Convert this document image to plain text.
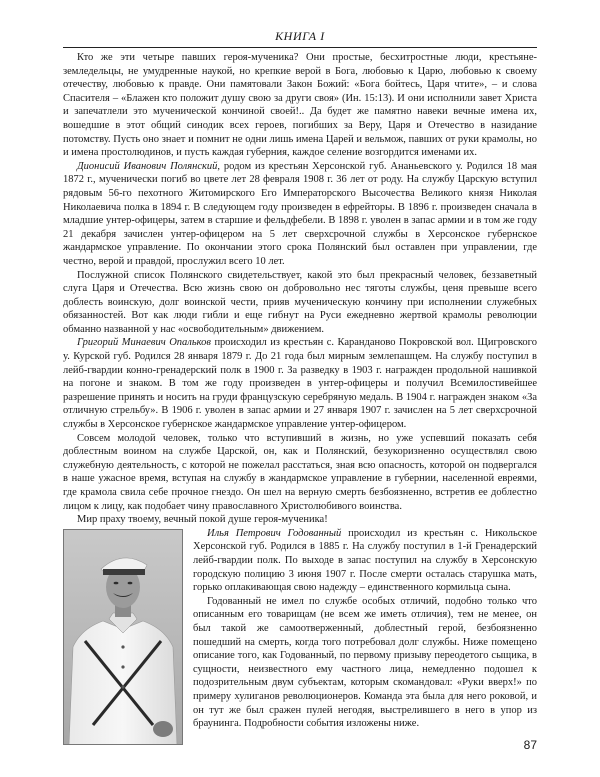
КНИГА I

Кто же эти четыре павших героя-мученика? Они простые, бесхитростные люди, крестьяне-земледельцы, не умудренные наукой, но крепкие верой в Бога, любовью к Царю, любовью к своему отечеству, любовью к правде. Они памятовали Закон Божий: «Бога бойтесь, Царя чтите», – и слова Спасителя – «Блажен кто положит душу свою за други своя» (Ин. 15:13). И они исполнили завет Христа и запечатлели это мученической кончиной своей!.. Да будет же памятно навеки вечные имена их, вошедшие в этот общий синодик всех героев, погибших за Веру, Царя и Отечество в назидание потомству. Пусть оно знает и помнит не одни лишь имена Царей и вельмож, павших от руки крамолы, но и имена простолюдинов, и пусть каждая губерния, каждое селение возгордится именами их.

Дионисий Иванович Полянский, родом из крестьян Херсонской губ. Ананьевского у. Родился 18 мая 1872 г., мученически погиб во цвете лет 28 февраля 1908 г. 36 лет от роду. На службу Царскую вступил рядовым 56-го пехотного Житомирского Его Императорского Высочества Великого князя Николая Николаевича полка в 1894 г. В следующем году произведен в ефрейторы. В 1896 г. произведен сначала в младшие унтер-офицеры, затем в старшие и фельдфебели. В 1898 г. уволен в запас армии и в том же году 21 декабря зачислен унтер-офицером на 5 лет сверхсрочной службы в Херсонское губернское жандармское управление. По окончании этого срока Полянский был оставлен при управлении, где честно, верой и правдой, прослужил всего 10 лет.

Послужной список Полянского свидетельствует, какой это был прекрасный человек, беззаветный слуга Царя и Отечества. Всю жизнь свою он добровольно нес тяготы службы, ценя превыше всего доблесть воинскую, долг воинской чести, прияв мученическую кончину при исполнении служебных обязанностей. Вот как люди гибли и еще гибнут на Руси ежедневно жертвой крамолы революции обманно названной у нас «освободительным» движением.

Григорий Минаевич Опальков происходил из крестьян с. Каранданово Покровской вол. Щигровского у. Курской губ. Родился 28 января 1879 г. До 21 года был мирным землепашцем. На службу поступил в лейб-гвардии конно-гренадерский полк в 1900 г. За разведку в 1903 г. награжден продольной нашивкой на погоне и знаком. В том же году произведен в унтер-офицеры и получил Всемилостивейшее разрешение принять и носить на груди французскую серебряную медаль. В 1904 г. награжден знаком «За отличную стрельбу». В 1906 г. уволен в запас армии и 27 января 1907 г. зачислен на 5 лет сверхсрочной службы в Херсонское губернское жандармское управление унтер-офицером.

Совсем молодой человек, только что вступивший в жизнь, но уже успевший показать себя доблестным воином на службе Царской, он, как и Полянский, безукоризненно осуществлял свою служебную деятельность, с которой не пожелал расстаться, зная всю опасность, которой он подвергался в наше ужасное время, вступая на службу в жандармское управление в губернии, населенной евреями, где крамола свила себе прочное гнездо. Он шел на верную смерть безбоязненно, встретив ее доблестно лицом к лицу, как подобает чину православного Христолюбивого воинства.

Мир праху твоему, вечный покой душе героя-мученика!

Илья Петрович Годованный происходил из крестьян с. Никольское Херсонской губ. Родился в 1885 г. На службу поступил в 1-й Гренадерский лейб-гвардии полк. По выходе в запас поступил на службу в Херсонскую городскую полицию 3 июня 1907 г. После смерти осталась старушка мать, горько оплакивающая свою надежду – единственного кормильца сына.

Годованный не имел по службе особых отличий, подобно только что описанным его товарищам (не всем же иметь отличия), тем не менее, он был такой же самоотверженный, доблестный герой, безбоязненно пошедший на смерть, когда того потребовал долг службы. Ниже помещено описание того, как Годованный, по первому призыву переодетого сыщика, в сущности, неизвестного ему частного лица, немедленно подошел к подозрительным двум субъектам, которым скомандовал: «Руки вверх!» по примеру хулиганов революционеров. Команда эта была для него роковой, и он тут же был сражен пулей негодяя, выстрелившего в него в упор из браунинга. Подробности события изложены ниже.

87
